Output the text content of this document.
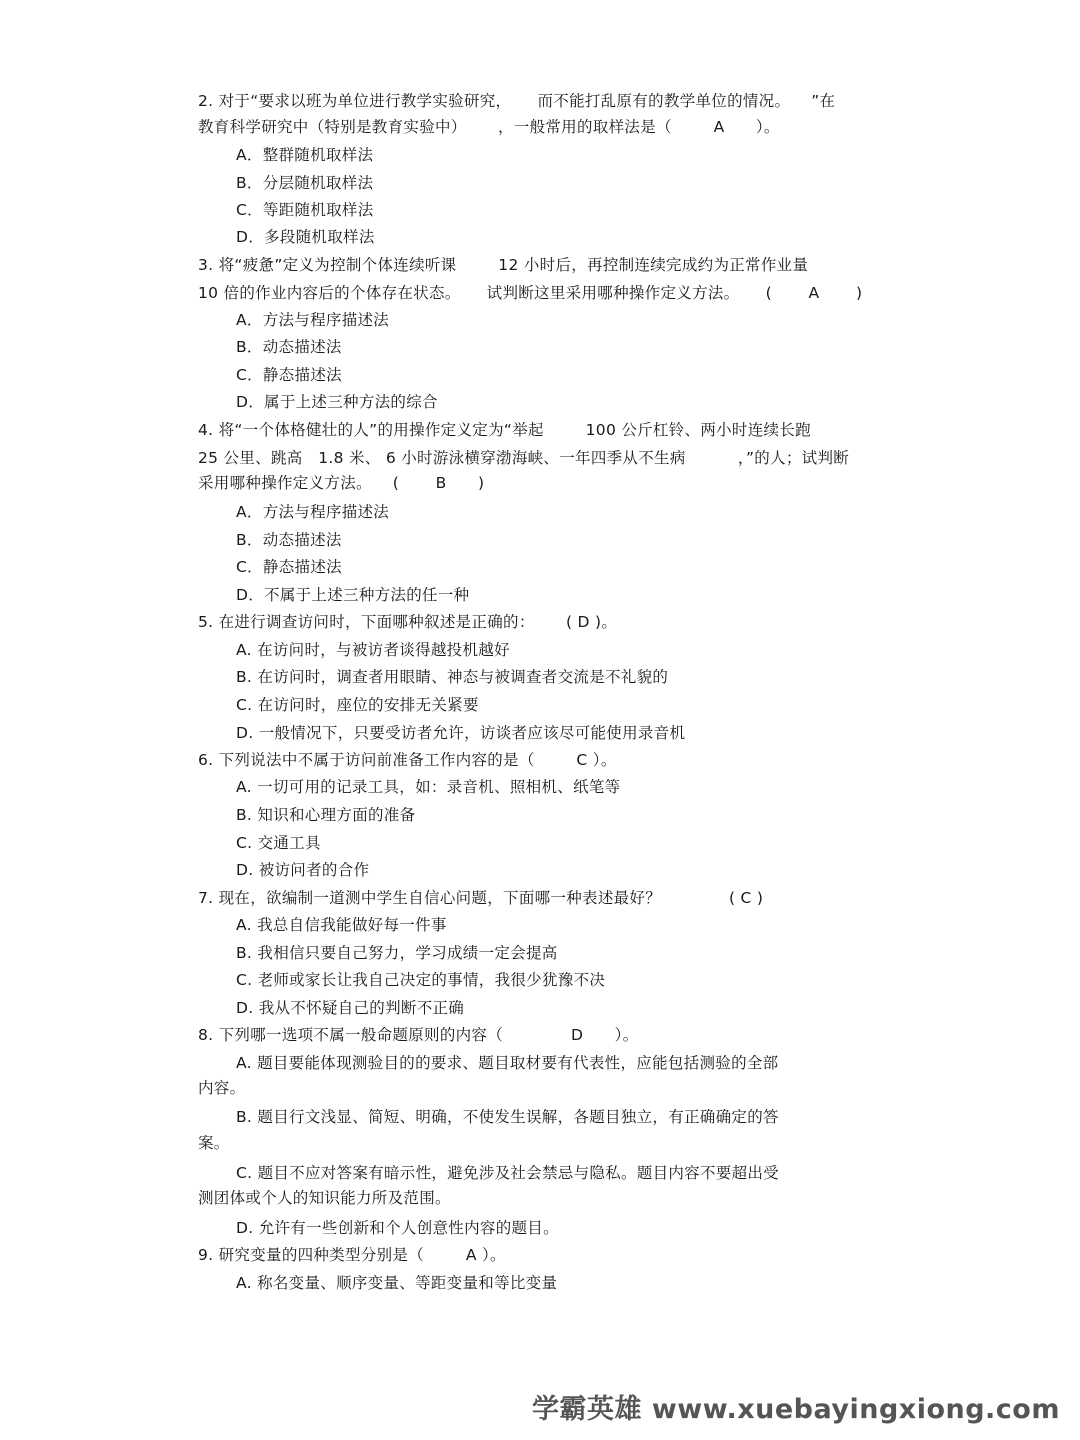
2. 对于“要求以班为单位进行教学实验研究，     而不能打乱原有的教学单位的情况。    ”在
教育科学研究中（特别是教育实验中）      ，一般常用的取样法是（        A      ）。
A．整群随机取样法
B．分层随机取样法
C．等距随机取样法
D．多段随机取样法
3. 将“疲惫”定义为控制个体连续听课        12 小时后，再控制连续完成约为正常作业量
10 倍的作业内容后的个体存在状态。     试判断这里采用哪种操作定义方法。     (       A       )
A．方法与程序描述法
B．动态描述法
C．静态描述法
D．属于上述三种方法的综合
4. 将“一个体格健壮的人”的用操作定义定为“举起        100 公斤杠铃、两小时连续长跑
25 公里、跳高   1.8 米、 6 小时游泳横穿渤海峡、一年四季从不生病          ，”的人；试判断
采用哪种操作定义方法。    (       B      )
A．方法与程序描述法
B．动态描述法
C．静态描述法
D．不属于上述三种方法的任一种
5. 在进行调查访问时，下面哪种叙述是正确的：      ( D )。
A. 在访问时，与被访者谈得越投机越好
B. 在访问时，调查者用眼睛、神态与被调查者交流是不礼貌的
C. 在访问时，座位的安排无关紧要
D. 一般情况下，只要受访者允许，访谈者应该尽可能使用录音机
6. 下列说法中不属于访问前准备工作内容的是（        C ）。
A. 一切可用的记录工具，如：录音机、照相机、纸笔等
B. 知识和心理方面的准备
C. 交通工具
D. 被访问者的合作
7. 现在，欲编制一道测中学生自信心问题，下面哪一种表述最好？             ( C )
A. 我总自信我能做好每一件事
B. 我相信只要自己努力，学习成绩一定会提高
C. 老师或家长让我自己决定的事情，我很少犹豫不决
D. 我从不怀疑自己的判断不正确
8. 下列哪一选项不属一般命题原则的内容（             D      ）。
A. 题目要能体现测验目的的要求、题目取材要有代表性，应能包括测验的全部
内容。
B. 题目行文浅显、简短、明确，不使发生误解，各题目独立，有正确确定的答
案。
C. 题目不应对答案有暗示性，避免涉及社会禁忌与隐私。题目内容不要超出受
测团体或个人的知识能力所及范围。
D. 允许有一些创新和个人创意性内容的题目。
9. 研究变量的四种类型分别是（        A ）。
A. 称名变量、顺序变量、等距变量和等比变量
学霸英雄 www.xuebayingxiong.com
